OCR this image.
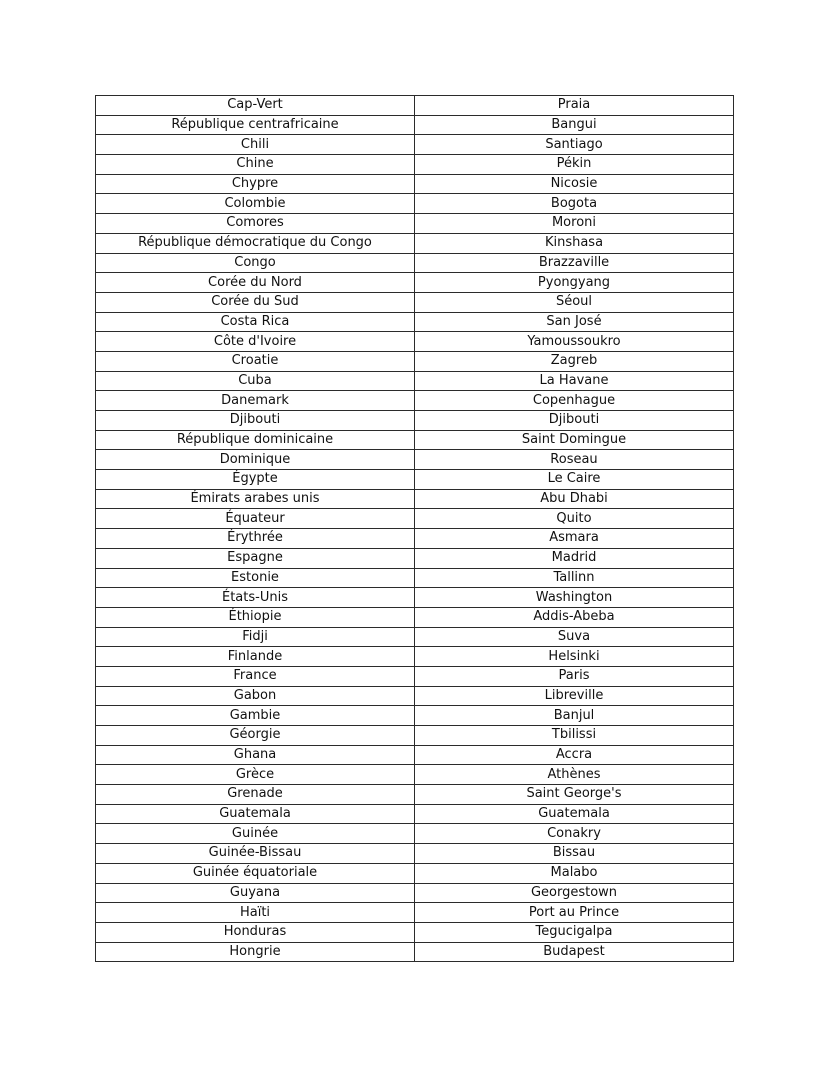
Cap-Vert	Praia
République centrafricaine	Bangui
Chili	Santiago
Chine	Pékin
Chypre	Nicosie
Colombie	Bogota
Comores	Moroni
République démocratique du Congo	Kinshasa
Congo	Brazzaville
Corée du Nord	Pyongyang
Corée du Sud	Séoul
Costa Rica	San José
Côte d'Ivoire	Yamoussoukro
Croatie	Zagreb
Cuba	La Havane
Danemark	Copenhague
Djibouti	Djibouti
République dominicaine	Saint Domingue
Dominique	Roseau
Égypte	Le Caire
Émirats arabes unis	Abu Dhabi
Équateur	Quito
Érythrée	Asmara
Espagne	Madrid
Estonie	Tallinn
États-Unis	Washington
Éthiopie	Addis-Abeba
Fidji	Suva
Finlande	Helsinki
France	Paris
Gabon	Libreville
Gambie	Banjul
Géorgie	Tbilissi
Ghana	Accra
Grèce	Athènes
Grenade	Saint George's
Guatemala	Guatemala
Guinée	Conakry
Guinée-Bissau	Bissau
Guinée équatoriale	Malabo
Guyana	Georgestown
Haïti	Port au Prince
Honduras	Tegucigalpa
Hongrie	Budapest
